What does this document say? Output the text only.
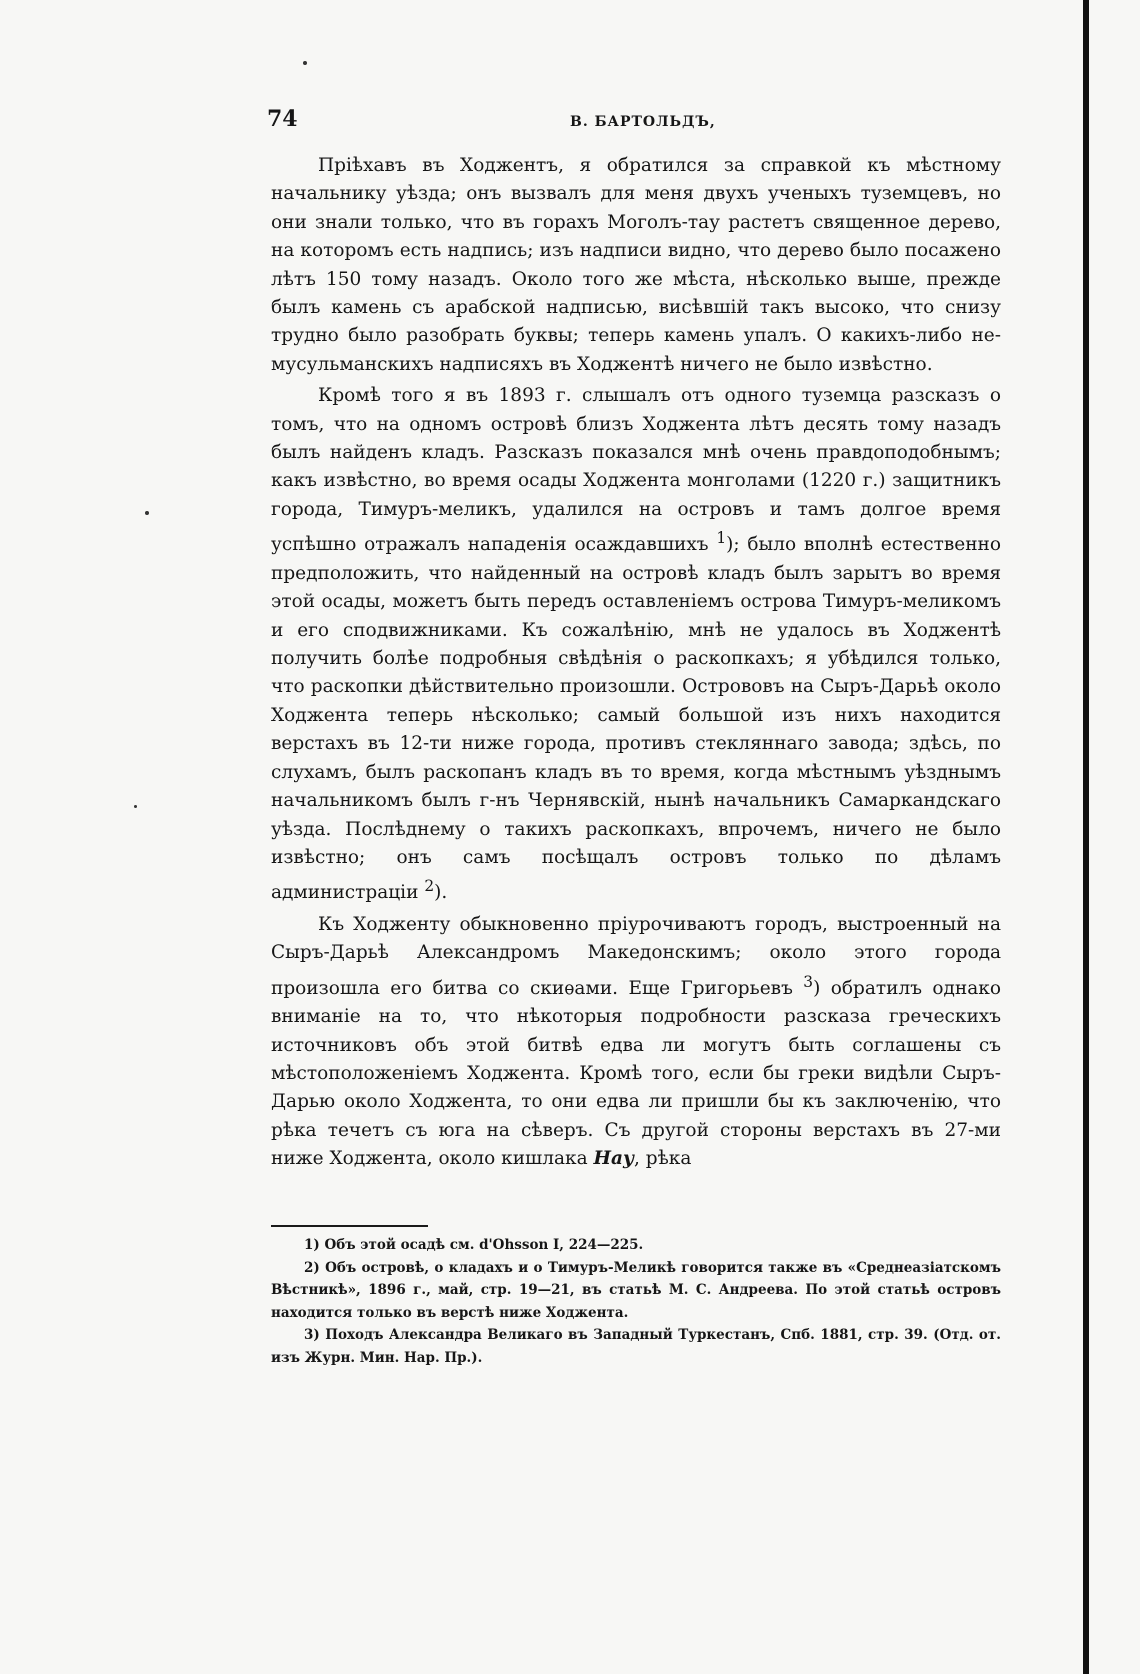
74	В. БАРТОЛЬДЪ,

Пріѣхавъ въ Ходжентъ, я обратился за справкой къ мѣстному начальнику уѣзда; онъ вызвалъ для меня двухъ ученыхъ туземцевъ, но они знали только, что въ горахъ Моголъ-тау растетъ священное дерево, на которомъ есть надпись; изъ надписи видно, что дерево было посажено лѣтъ 150 тому назадъ. Около того же мѣста, нѣсколько выше, прежде былъ камень съ арабской надписью, висѣвшій такъ высоко, что снизу трудно было разобрать буквы; теперь камень упалъ. О какихъ-либо не-мусульманскихъ надписяхъ въ Ходжентѣ ничего не было извѣстно.

Кромѣ того я въ 1893 г. слышалъ отъ одного туземца разсказъ о томъ, что на одномъ островѣ близъ Ходжента лѣтъ десять тому назадъ былъ найденъ кладъ. Разсказъ показался мнѣ очень правдоподобнымъ; какъ извѣстно, во время осады Ходжента монголами (1220 г.) защитникъ города, Тимуръ-меликъ, удалился на островъ и тамъ долгое время успѣшно отражалъ нападенія осаждавшихъ $^1$); было вполнѣ естественно предположить, что найденный на островѣ кладъ былъ зарытъ во время этой осады, можетъ быть передъ оставленіемъ острова Тимуръ-меликомъ и его сподвижниками. Къ сожалѣнію, мнѣ не удалось въ Ходжентѣ получить болѣе подробныя свѣдѣнія о раскопкахъ; я убѣдился только, что раскопки дѣйствительно произошли. Острововъ на Сыръ-Дарьѣ около Ходжента теперь нѣсколько; самый большой изъ нихъ находится верстахъ въ 12-ти ниже города, противъ стекляннаго завода; здѣсь, по слухамъ, былъ раскопанъ кладъ въ то время, когда мѣстнымъ уѣзднымъ начальникомъ былъ г-нъ Чернявскій, нынѣ начальникъ Самаркандскаго уѣзда. Послѣднему о такихъ раскопкахъ, впрочемъ, ничего не было извѣстно; онъ самъ посѣщалъ островъ только по дѣламъ администраціи $^2$).

Къ Ходженту обыкновенно пріурочиваютъ городъ, выстроенный на Сыръ-Дарьѣ Александромъ Македонскимъ; около этого города произошла его битва со скиѳами. Еще Григорьевъ $^3$) обратилъ однако вниманіе на то, что нѣкоторыя подробности разсказа греческихъ источниковъ объ этой битвѣ едва ли могутъ быть соглашены съ мѣстоположеніемъ Ходжента. Кромѣ того, если бы греки видѣли Сыръ-Дарью около Ходжента, то они едва ли пришли бы къ заключенію, что рѣка течетъ съ юга на сѣверъ. Съ другой стороны верстахъ въ 27-ми ниже Ходжента, около кишлака Нау, рѣка

1) Объ этой осадѣ см. d'Ohsson I, 224—225.

2) Объ островѣ, о кладахъ и о Тимуръ-Меликѣ говорится также въ «Среднеазіатскомъ Вѣстникѣ», 1896 г., май, стр. 19—21, въ статьѣ М. С. Андреева. По этой статьѣ островъ находится только въ верстѣ ниже Ходжента.

3) Походъ Александра Великаго въ Западный Туркестанъ, Спб. 1881, стр. 39. (Отд. от. изъ Журн. Мин. Нар. Пр.).
